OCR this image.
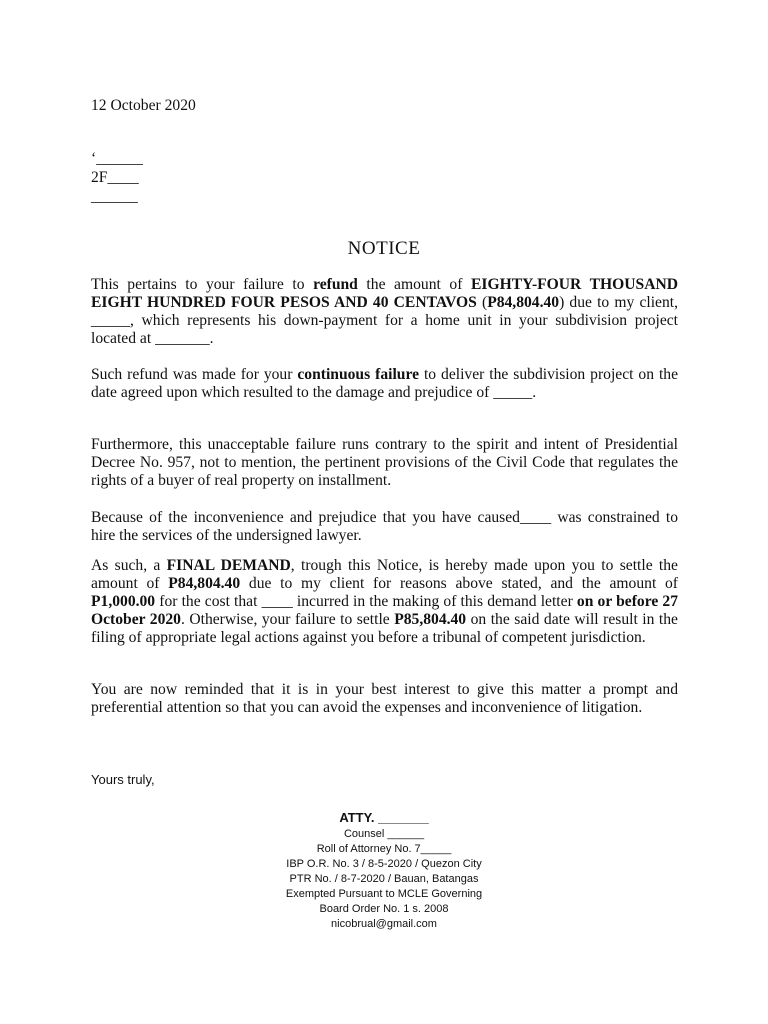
12 October 2020
‘______
2F____
______
NOTICE

This pertains to your failure to refund the amount of EIGHTY-FOUR THOUSAND EIGHT HUNDRED FOUR PESOS AND 40 CENTAVOS (P84,804.40) due to my client, _____, which represents his down-payment for a home unit in your subdivision project located at _______.

Such refund was made for your continuous failure to deliver the subdivision project on the date agreed upon which resulted to the damage and prejudice of _____.

Furthermore, this unacceptable failure runs contrary to the spirit and intent of Presidential Decree No. 957, not to mention, the pertinent provisions of the Civil Code that regulates the rights of a buyer of real property on installment.

Because of the inconvenience and prejudice that you have caused____ was constrained to hire the services of the undersigned lawyer.

As such, a FINAL DEMAND, trough this Notice, is hereby made upon you to settle the amount of P84,804.40 due to my client for reasons above stated, and the amount of P1,000.00 for the cost that ____ incurred in the making of this demand letter on or before 27 October 2020. Otherwise, your failure to settle P85,804.40 on the said date will result in the filing of appropriate legal actions against you before a tribunal of competent jurisdiction.

You are now reminded that it is in your best interest to give this matter a prompt and preferential attention so that you can avoid the expenses and inconvenience of litigation.

Yours truly,
ATTY. _______
Counsel ______
Roll of Attorney No. 7_____
IBP O.R. No. 3 / 8-5-2020 / Quezon City
PTR No. / 8-7-2020 / Bauan, Batangas
Exempted Pursuant to MCLE Governing
Board Order No. 1 s. 2008
nicobrual@gmail.com
